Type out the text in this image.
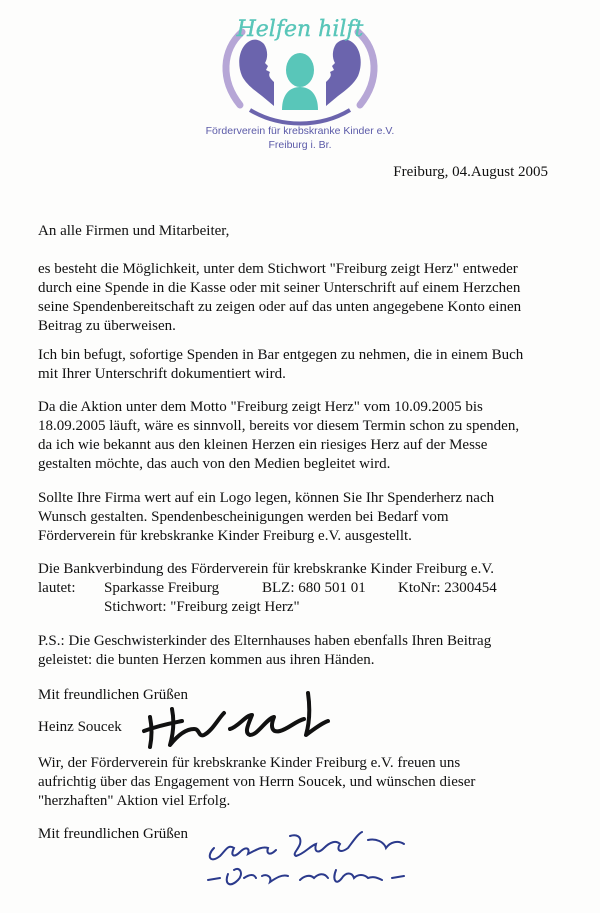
Helfen hilft
Förderverein für krebskranke Kinder e.V.
Freiburg i. Br.
Freiburg, 04.August 2005

An alle Firmen und Mitarbeiter,

es besteht die Möglichkeit, unter dem Stichwort "Freiburg zeigt Herz" entweder
durch eine Spende in die Kasse oder mit seiner Unterschrift auf einem Herzchen
seine Spendenbereitschaft zu zeigen oder auf das unten angegebene Konto einen
Beitrag zu überweisen.

Ich bin befugt, sofortige Spenden in Bar entgegen zu nehmen, die in einem Buch
mit Ihrer Unterschrift dokumentiert wird.

Da die Aktion unter dem Motto "Freiburg zeigt Herz" vom 10.09.2005 bis
18.09.2005 läuft, wäre es sinnvoll, bereits vor diesem Termin schon zu spenden,
da ich wie bekannt aus den kleinen Herzen ein riesiges Herz auf der Messe
gestalten möchte, das auch von den Medien begleitet wird.

Sollte Ihre Firma wert auf ein Logo legen, können Sie Ihr Spenderherz nach
Wunsch gestalten. Spendenbescheinigungen werden bei Bedarf vom
Förderverein für krebskranke Kinder Freiburg e.V. ausgestellt.

Die Bankverbindung des Förderverein für krebskranke Kinder Freiburg e.V.

lautet: Sparkasse Freiburg	BLZ: 680 501 01 KtoNr: 2300454
Stichwort: "Freiburg zeigt Herz"

P.S.: Die Geschwisterkinder des Elternhauses haben ebenfalls Ihren Beitrag
geleistet: die bunten Herzen kommen aus ihren Händen.

Mit freundlichen Grüßen

Heinz Soucek

Wir, der Förderverein für krebskranke Kinder Freiburg e.V. freuen uns
aufrichtig über das Engagement von Herrn Soucek, und wünschen dieser
"herzhaften" Aktion viel Erfolg.

Mit freundlichen Grüßen
